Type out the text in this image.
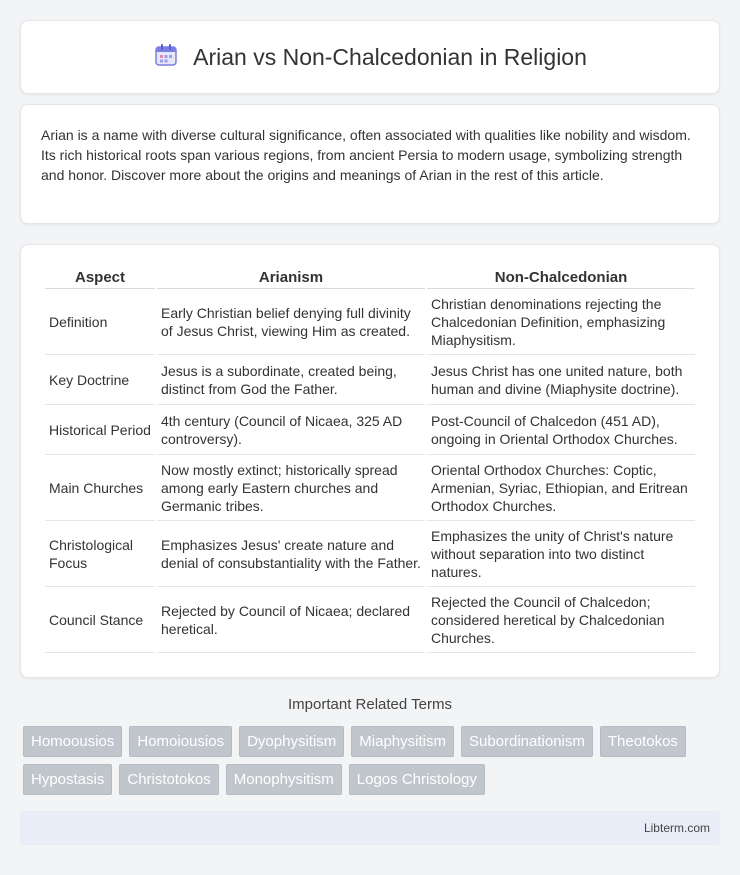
Arian vs Non-Chalcedonian in Religion

Arian is a name with diverse cultural significance, often associated with qualities like nobility and wisdom. Its rich historical roots span various regions, from ancient Persia to modern usage, symbolizing strength and honor. Discover more about the origins and meanings of Arian in the rest of this article.

Aspect	Arianism	Non-Chalcedonian
Definition	Early Christian belief denying full divinity of Jesus Christ, viewing Him as created.	Christian denominations rejecting the Chalcedonian Definition, emphasizing Miaphysitism.
Key Doctrine	Jesus is a subordinate, created being, distinct from God the Father.	Jesus Christ has one united nature, both human and divine (Miaphysite doctrine).
Historical Period	4th century (Council of Nicaea, 325 AD controversy).	Post-Council of Chalcedon (451 AD), ongoing in Oriental Orthodox Churches.
Main Churches	Now mostly extinct; historically spread among early Eastern churches and Germanic tribes.	Oriental Orthodox Churches: Coptic, Armenian, Syriac, Ethiopian, and Eritrean Orthodox Churches.
Christological Focus	Emphasizes Jesus' create nature and denial of consubstantiality with the Father.	Emphasizes the unity of Christ's nature without separation into two distinct natures.
Council Stance	Rejected by Council of Nicaea; declared heretical.	Rejected the Council of Chalcedon; considered heretical by Chalcedonian Churches.
Important Related Terms
Homoousios	Homoiousios	Dyophysitism	Miaphysitism	Subordinationism	Theotokos
Hypostasis	Christotokos	Monophysitism	Logos Christology
Libterm.com
